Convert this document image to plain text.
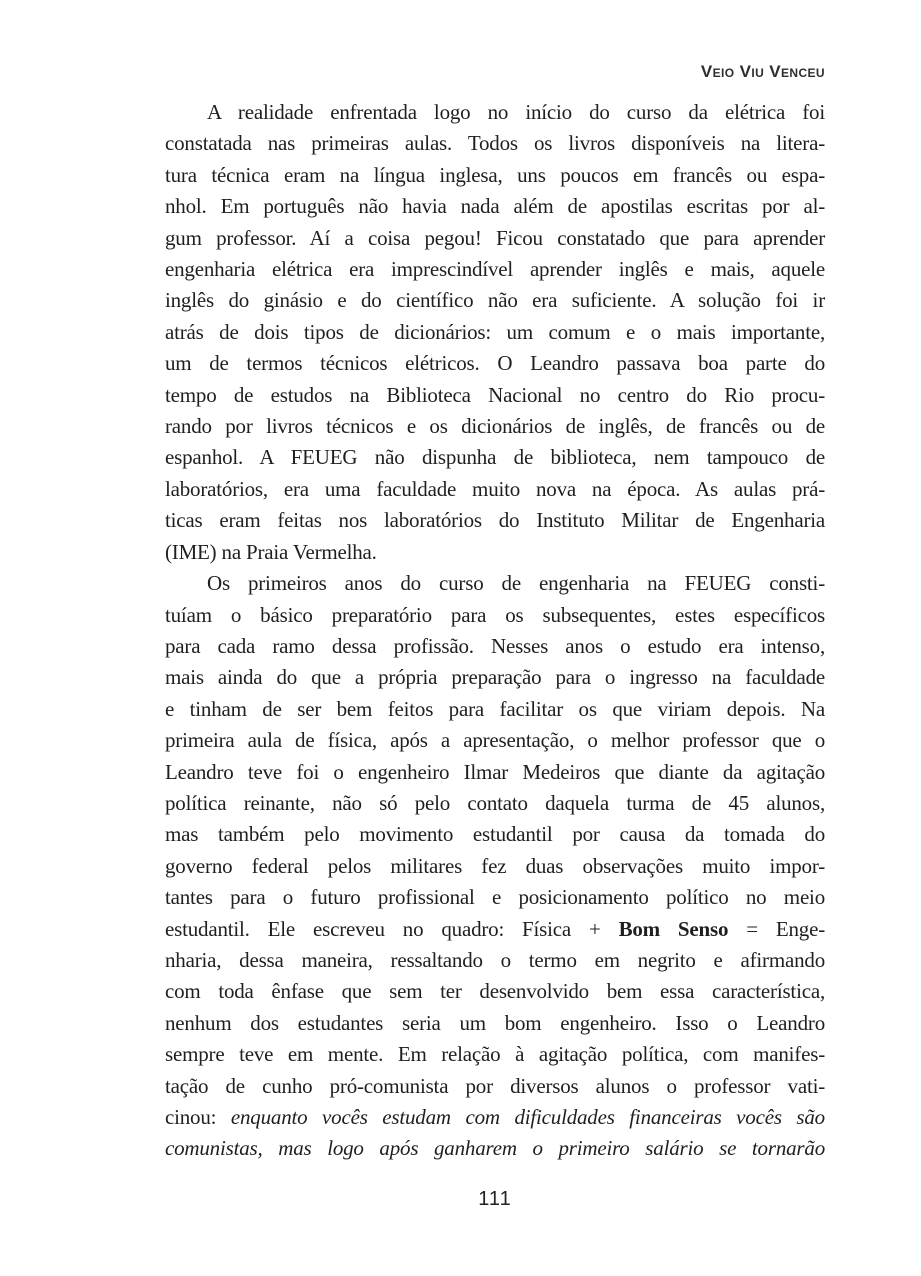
Veio Viu Venceu
A realidade enfrentada logo no início do curso da elétrica foi
constatada nas primeiras aulas. Todos os livros disponíveis na litera-
tura técnica eram na língua inglesa, uns poucos em francês ou espa-
nhol. Em português não havia nada além de apostilas escritas por al-
gum professor. Aí a coisa pegou! Ficou constatado que para aprender
engenharia elétrica era imprescindível aprender inglês e mais, aquele
inglês do ginásio e do científico não era suficiente. A solução foi ir
atrás de dois tipos de dicionários: um comum e o mais importante,
um de termos técnicos elétricos. O Leandro passava boa parte do
tempo de estudos na Biblioteca Nacional no centro do Rio procu-
rando por livros técnicos e os dicionários de inglês, de francês ou de
espanhol. A FEUEG não dispunha de biblioteca, nem tampouco de
laboratórios, era uma faculdade muito nova na época. As aulas prá-
ticas eram feitas nos laboratórios do Instituto Militar de Engenharia
(IME) na Praia Vermelha.
Os primeiros anos do curso de engenharia na FEUEG consti-
tuíam o básico preparatório para os subsequentes, estes específicos
para cada ramo dessa profissão. Nesses anos o estudo era intenso,
mais ainda do que a própria preparação para o ingresso na faculdade
e tinham de ser bem feitos para facilitar os que viriam depois. Na
primeira aula de física, após a apresentação, o melhor professor que o
Leandro teve foi o engenheiro Ilmar Medeiros que diante da agitação
política reinante, não só pelo contato daquela turma de 45 alunos,
mas também pelo movimento estudantil por causa da tomada do
governo federal pelos militares fez duas observações muito impor-
tantes para o futuro profissional e posicionamento político no meio
estudantil. Ele escreveu no quadro: Física + Bom Senso = Enge-
nharia, dessa maneira, ressaltando o termo em negrito e afirmando
com toda ênfase que sem ter desenvolvido bem essa característica,
nenhum dos estudantes seria um bom engenheiro. Isso o Leandro
sempre teve em mente. Em relação à agitação política, com manifes-
tação de cunho pró-comunista por diversos alunos o professor vati-
cinou: enquanto vocês estudam com dificuldades financeiras vocês são
comunistas, mas logo após ganharem o primeiro salário se tornarão
111
